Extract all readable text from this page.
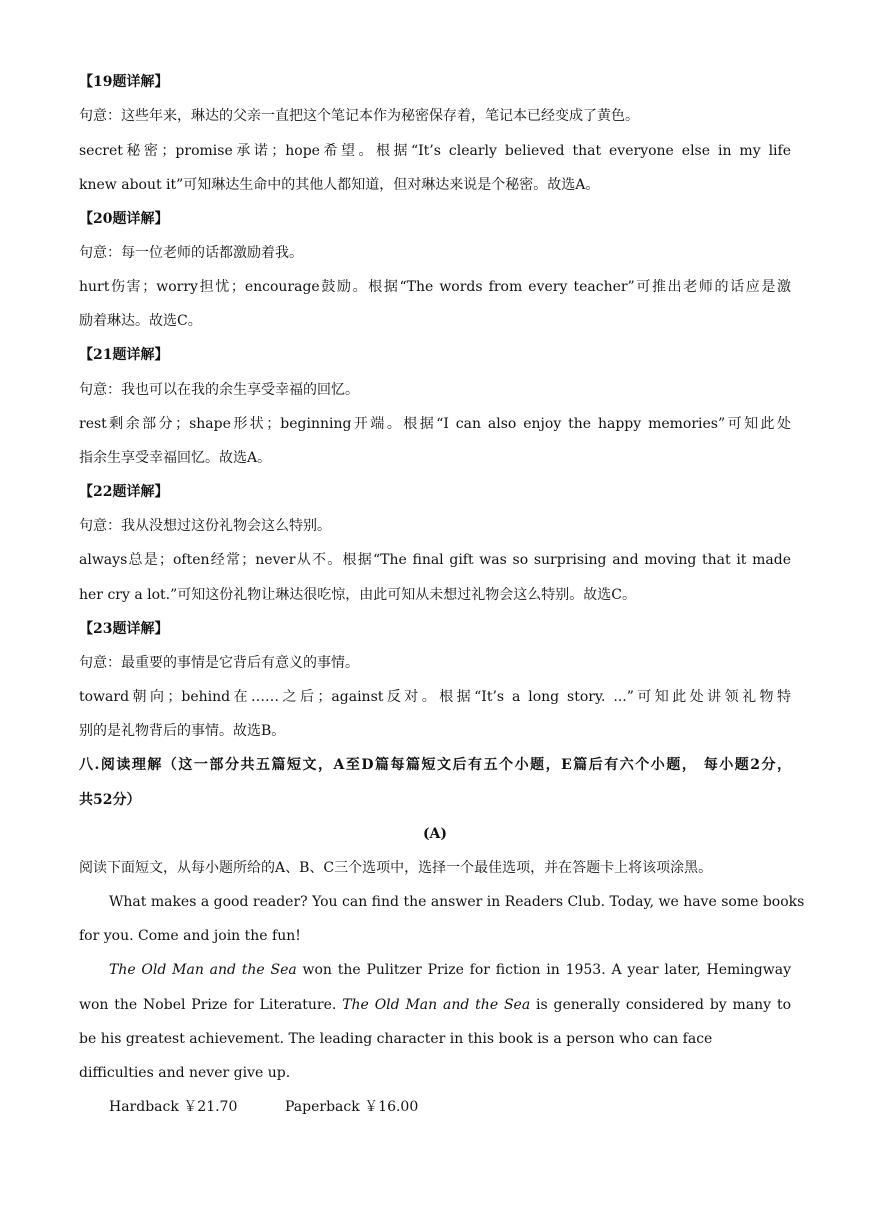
【19题详解】
句意：这些年来，琳达的父亲一直把这个笔记本作为秘密保存着，笔记本已经变成了黄色。
secret秘密；promise承诺；hope希望。根据“It’s clearly believed that everyone else in my life
knew about it”可知琳达生命中的其他人都知道，但对琳达来说是个秘密。故选A。
【20题详解】
句意：每一位老师的话都激励着我。
hurt伤害；worry担忧；encourage鼓励。根据“The words from every teacher”可推出老师的话应是激
励着琳达。故选C。
【21题详解】
句意：我也可以在我的余生享受幸福的回忆。
rest剩余部分；shape形状；beginning开端。根据“I can also enjoy the happy memories”可知此处
指余生享受幸福回忆。故选A。
【22题详解】
句意：我从没想过这份礼物会这么特别。
always总是；often经常；never从不。根据“The final gift was so surprising and moving that it made
her cry a lot.”可知这份礼物让琳达很吃惊，由此可知从未想过礼物会这么特别。故选C。
【23题详解】
句意：最重要的事情是它背后有意义的事情。
toward朝向；behind在……之后；against反对。根据“It’s a long story. ...”可知此处讲领礼物特
别的是礼物背后的事情。故选B。
八.阅读理解（这一部分共五篇短文，A至D篇每篇短文后有五个小题，E篇后有六个小题， 每小题2分，
共52分）
(A)
阅读下面短文，从每小题所给的A、B、C三个选项中，选择一个最佳选项，并在答题卡上将该项涂黑。
What makes a good reader? You can find the answer in Readers Club. Today, we have some books
for you. Come and join the fun!
The Old Man and the Sea won the Pulitzer Prize for fiction in 1953. A year later, Hemingway
won the Nobel Prize for Literature. The Old Man and the Sea is generally considered by many to
be his greatest achievement. The leading character in this book is a person who can face
difficulties and never give up.
Hardback ￥21.70	Paperback ￥16.00
